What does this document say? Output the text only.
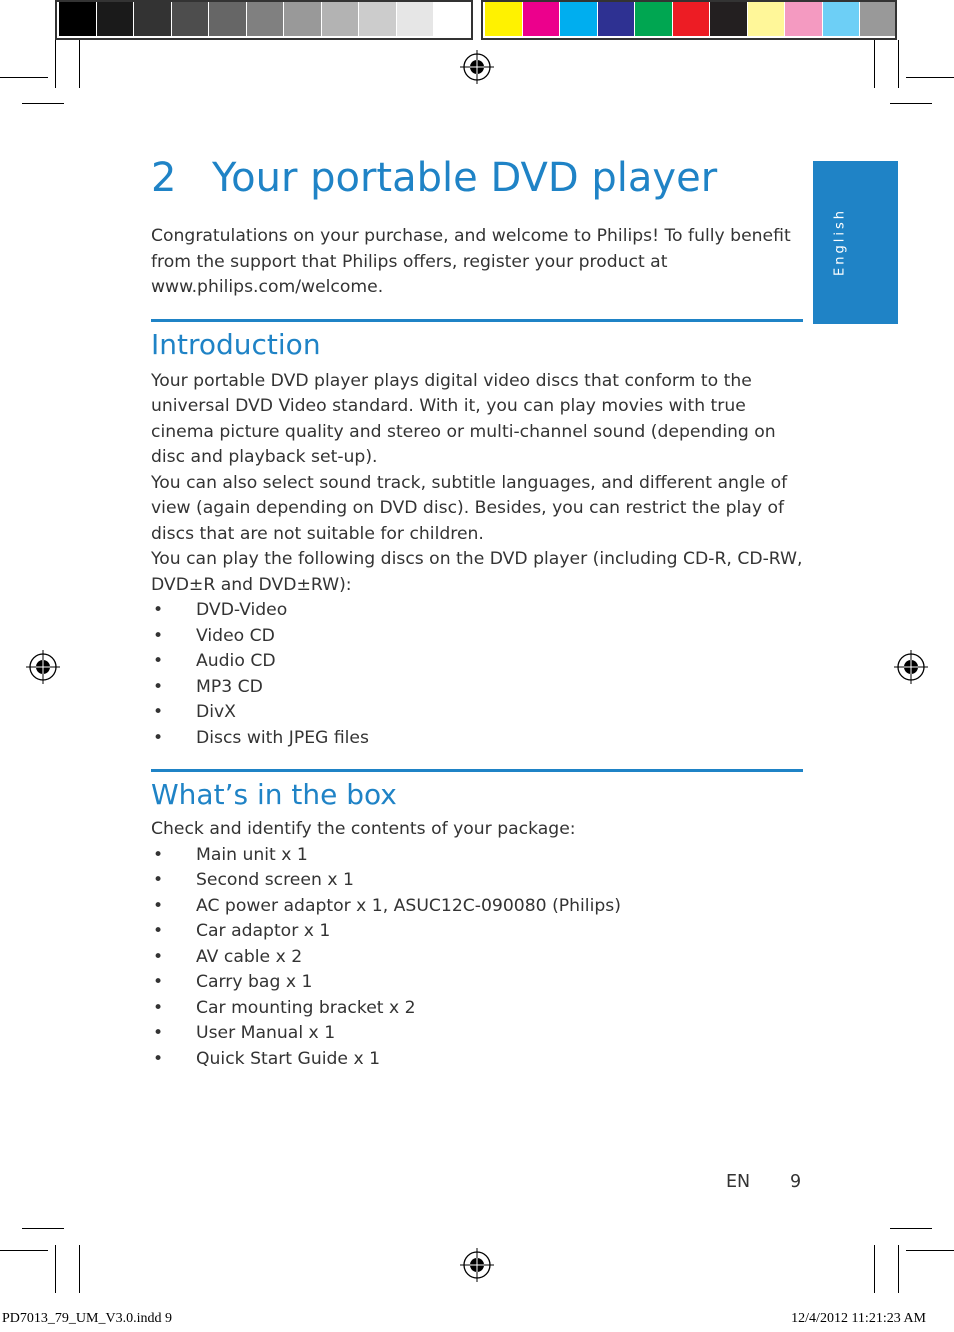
English
2 Your portable DVD player

Congratulations on your purchase, and welcome to Philips! To fully benefit from the support that Philips offers, register your product at www.philips.com/welcome.

Introduction

Your portable DVD player plays digital video discs that conform to the universal DVD Video standard. With it, you can play movies with true cinema picture quality and stereo or multi-channel sound (depending on disc and playback set-up).

You can also select sound track, subtitle languages, and different angle of view (again depending on DVD disc). Besides, you can restrict the play of discs that are not suitable for children.

You can play the following discs on the DVD player (including CD-R, CD-RW, DVD±R and DVD±RW):

• DVD-Video
• Video CD
• Audio CD
• MP3 CD
• DivX
• Discs with JPEG files
What’s in the box

Check and identify the contents of your package:

• Main unit x 1
• Second screen x 1
• AC power adaptor x 1, ASUC12C-090080 (Philips)
• Car adaptor x 1
• AV cable x 2
• Carry bag x 1
• Car mounting bracket x 2
• User Manual x 1
• Quick Start Guide x 1
EN 9
PD7013_79_UM_V3.0.indd 9	12/4/2012 11:21:23 AM
